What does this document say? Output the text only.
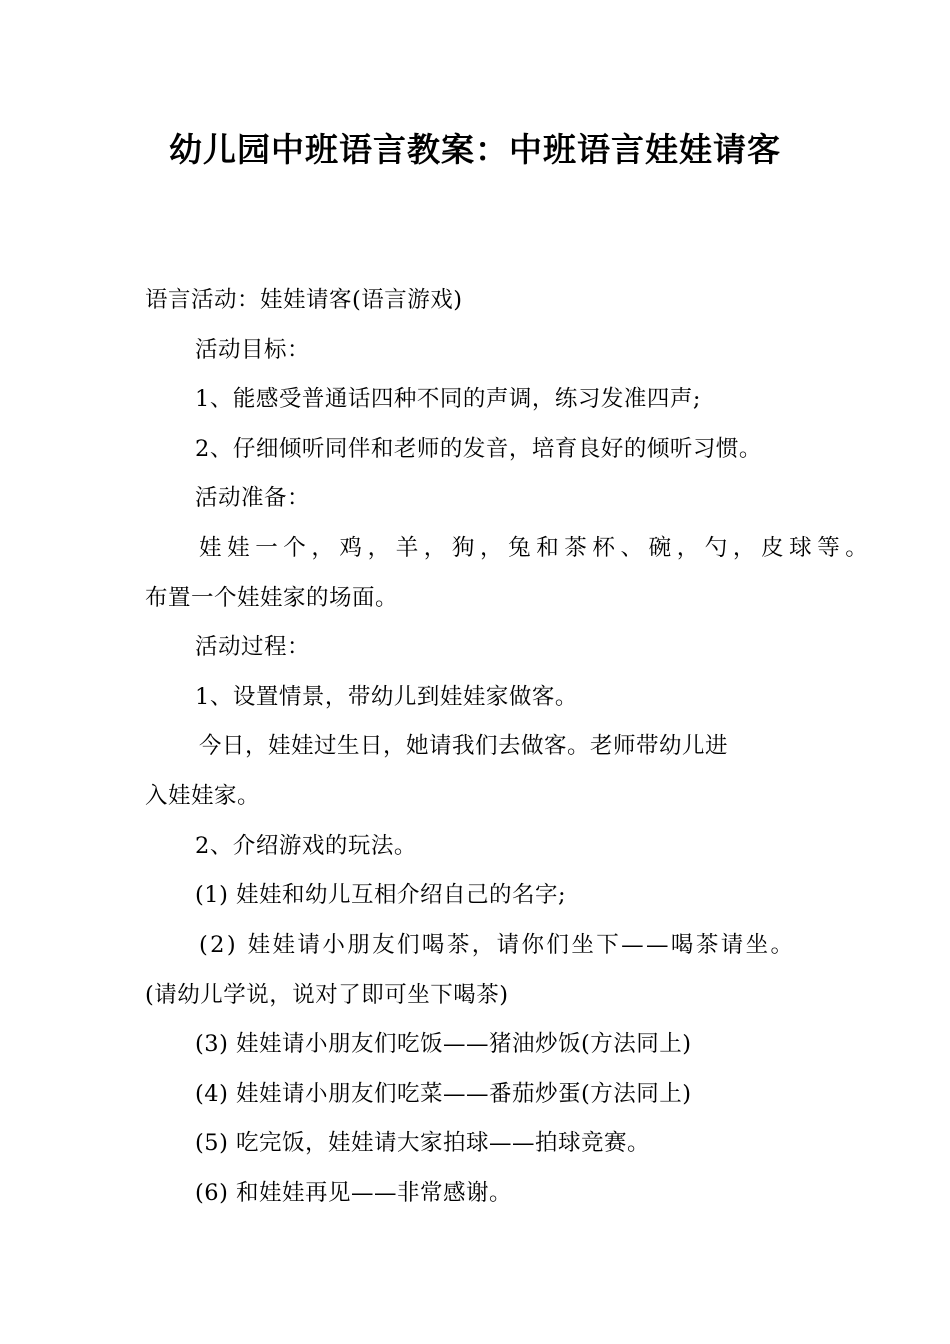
幼儿园中班语言教案：中班语言娃娃请客
语言活动：娃娃请客(语言游戏)
活动目标：
1、能感受普通话四种不同的声调，练习发准四声;
2、仔细倾听同伴和老师的发音，培育良好的倾听习惯。
活动准备：
娃娃一个，鸡，羊，狗，兔和茶杯、碗，勺，皮球等。
布置一个娃娃家的场面。
活动过程：
1、设置情景，带幼儿到娃娃家做客。
今日，娃娃过生日，她请我们去做客。老师带幼儿进
入娃娃家。
2、介绍游戏的玩法。
(1) 娃娃和幼儿互相介绍自己的名字;
(2) 娃娃请小朋友们喝茶，请你们坐下——喝茶请坐。
(请幼儿学说，说对了即可坐下喝茶)
(3) 娃娃请小朋友们吃饭——猪油炒饭(方法同上)
(4) 娃娃请小朋友们吃菜——番茄炒蛋(方法同上)
(5) 吃完饭，娃娃请大家拍球——拍球竞赛。
(6) 和娃娃再见——非常感谢。
